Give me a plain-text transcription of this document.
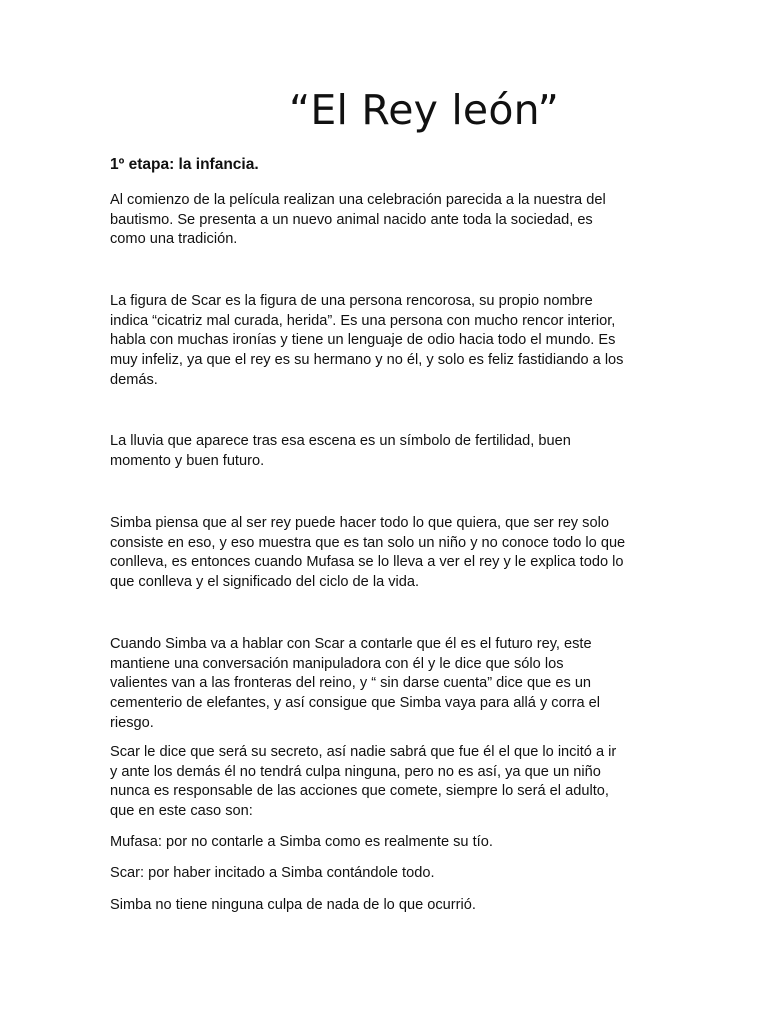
“El Rey león”

1º etapa: la infancia.

Al comienzo de la película realizan una celebración parecida a la nuestra del
bautismo. Se presenta a un nuevo animal nacido ante toda la sociedad, es
como una tradición.

La figura de Scar es la figura de una persona rencorosa, su propio nombre
indica “cicatriz mal curada, herida”. Es una persona con mucho rencor interior,
habla con muchas ironías y tiene un lenguaje de odio hacia todo el mundo. Es
muy infeliz, ya que el rey es su hermano y no él, y solo es feliz fastidiando a los
demás.

La lluvia que aparece tras esa escena es un símbolo de fertilidad, buen
momento y buen futuro.

Simba piensa que al ser rey puede hacer todo lo que quiera, que ser rey solo
consiste en eso, y eso muestra que es tan solo un niño y no conoce todo lo que
conlleva, es entonces cuando Mufasa se lo lleva a ver el rey y le explica todo lo
que conlleva y el significado del ciclo de la vida.

Cuando Simba va a hablar con Scar a contarle que él es el futuro rey, este
mantiene una conversación manipuladora con él y le dice que sólo los
valientes van a las fronteras del reino, y “ sin darse cuenta” dice que es un
cementerio de elefantes, y así consigue que Simba vaya para allá y corra el
riesgo.

Scar le dice que será su secreto, así nadie sabrá que fue él el que lo incitó a ir
y ante los demás él no tendrá culpa ninguna, pero no es así, ya que un niño
nunca es responsable de las acciones que comete, siempre lo será el adulto,
que en este caso son:

Mufasa: por no contarle a Simba como es realmente su tío.

Scar: por haber incitado a Simba contándole todo.

Simba no tiene ninguna culpa de nada de lo que ocurrió.
